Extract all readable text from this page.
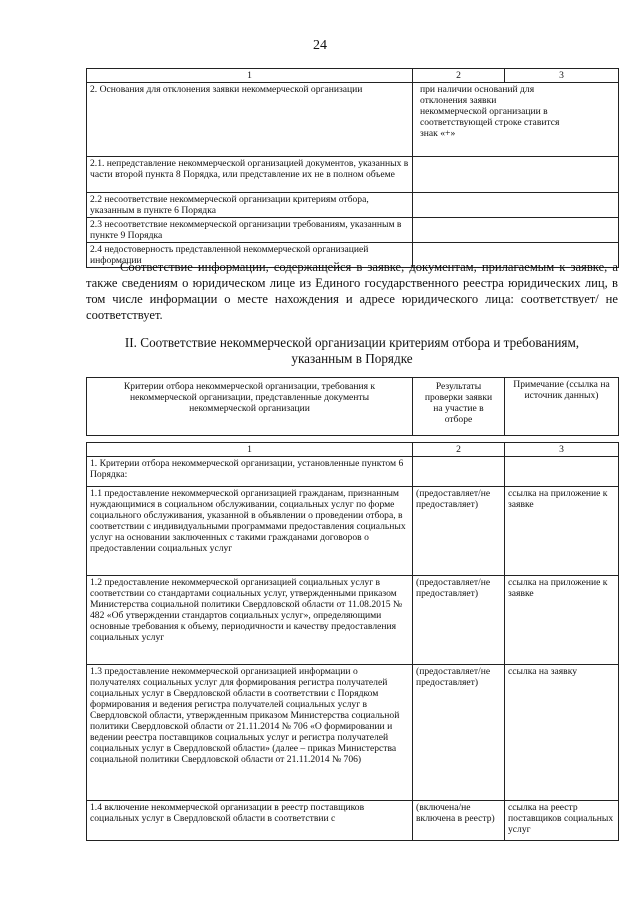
24
1	2	3
2. Основания для отклонения заявки некоммерческой организации	при наличии оснований для отклонения заявки некоммерческой организации в соответствующей строке ставится знак «+»	

2.1. непредставление некоммерческой организацией документов, указанных в части второй пункта 8 Порядка, или представление их не в полном объеме		
2.2 несоответствие некоммерческой организации критериям отбора, указанным в пункте 6 Порядка		
2.3 несоответствие некоммерческой организации требованиям, указанным в пункте 9 Порядка		
2.4 недостоверность представленной некоммерческой организацией информации		
Соответствие информации, содержащейся в заявке, документам, прилагаемым к заявке, а также сведениям о юридическом лице из Единого государственного реестра юридических лиц, в том числе информации о месте нахождения и адресе юридического лица: соответствует/ не соответствует.
II. Соответствие некоммерческой организации критериям отбора и требованиям,
указанным в Порядке
Критерии отбора некоммерческой организации, требования к некоммерческой организации, представленные документы некоммерческой организации	Результаты проверки заявки на участие в отборе	Примечание (ссылка на источник данных)

1	2	3
1. Критерии отбора некоммерческой организации, установленные пунктом 6 Порядка:		
1.1 предоставление некоммерческой организацией гражданам, признанным нуждающимися в социальном обслуживании, социальных услуг по форме социального обслуживания, указанной в объявлении о проведении отбора, в соответствии с индивидуальными программами предоставления социальных услуг на основании заключенных с такими гражданами договоров о предоставлении социальных услуг	(предоставляет/не предоставляет)	ссылка на приложение к заявке
1.2 предоставление некоммерческой организацией социальных услуг в соответствии со стандартами социальных услуг, утвержденными приказом Министерства социальной политики Свердловской области от 11.08.2015 № 482 «Об утверждении стандартов социальных услуг», определяющими основные требования к объему, периодичности и качеству предоставления социальных услуг	(предоставляет/не предоставляет)	ссылка на приложение к заявке
1.3 предоставление некоммерческой организацией информации о получателях социальных услуг для формирования регистра получателей социальных услуг в Свердловской области в соответствии с Порядком формирования и ведения регистра получателей социальных услуг в Свердловской области, утвержденным приказом Министерства социальной политики Свердловской области от 21.11.2014 № 706 «О формировании и ведении реестра поставщиков социальных услуг и регистра получателей социальных услуг в Свердловской области» (далее – приказ Министерства социальной политики Свердловской области от 21.11.2014 № 706)	(предоставляет/не предоставляет)	ссылка на заявку
1.4 включение некоммерческой организации в реестр поставщиков социальных услуг в Свердловской области в соответствии с	(включена/не включена в реестр)	ссылка на реестр поставщиков социальных услуг
